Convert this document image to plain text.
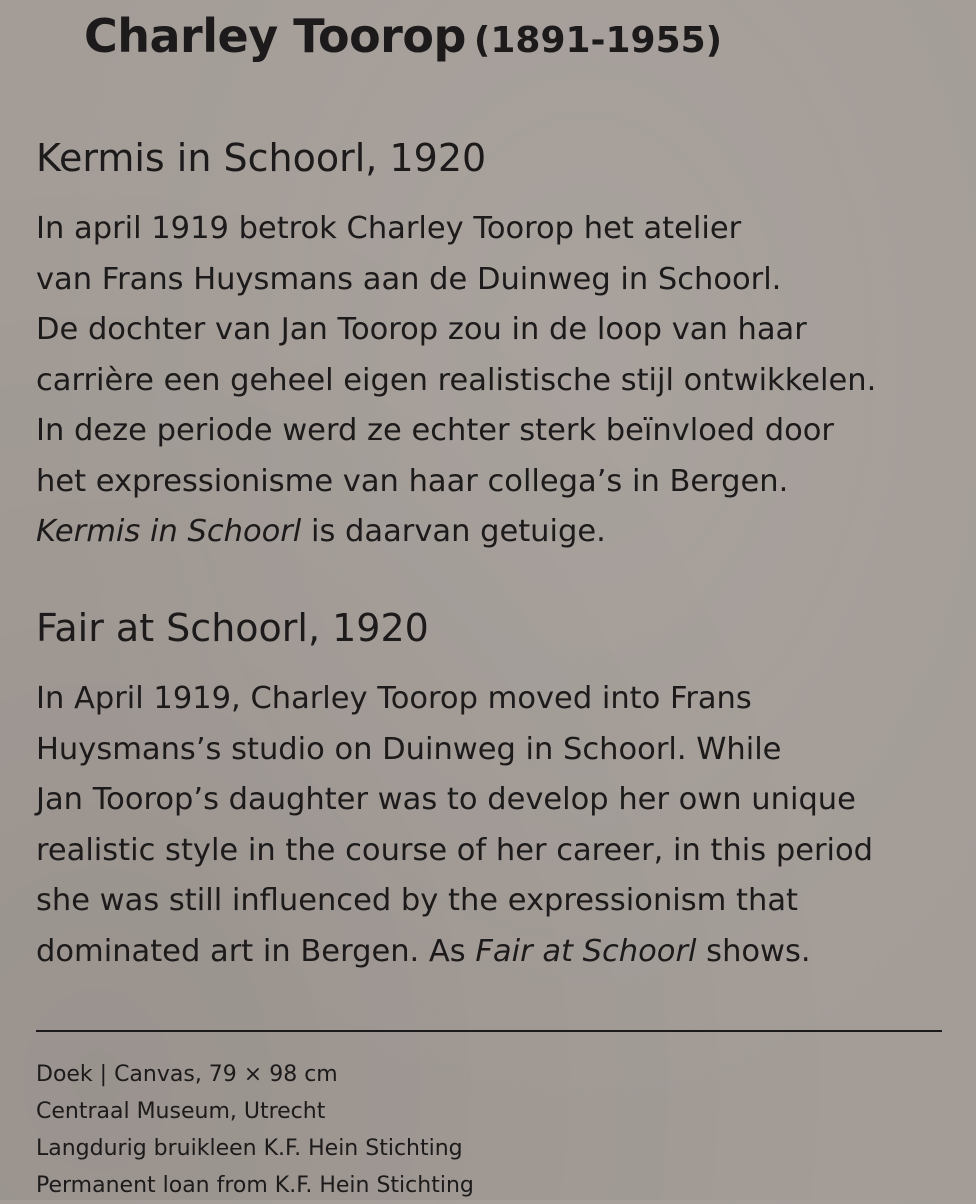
Charley Toorop (1891-1955)
Kermis in Schoorl, 1920

In april 1919 betrok Charley Toorop het atelier
van Frans Huysmans aan de Duinweg in Schoorl.
De dochter van Jan Toorop zou in de loop van haar
carrière een geheel eigen realistische stijl ontwikkelen.
In deze periode werd ze echter sterk beïnvloed door
het expressionisme van haar collega’s in Bergen.
Kermis in Schoorl is daarvan getuige.

Fair at Schoorl, 1920

In April 1919, Charley Toorop moved into Frans
Huysmans’s studio on Duinweg in Schoorl. While
Jan Toorop’s daughter was to develop her own unique
realistic style in the course of her career, in this period
she was still influenced by the expressionism that
dominated art in Bergen. As Fair at Schoorl shows.

Doek | Canvas, 79 × 98 cm
Centraal Museum, Utrecht
Langdurig bruikleen K.F. Hein Stichting
Permanent loan from K.F. Hein Stichting
